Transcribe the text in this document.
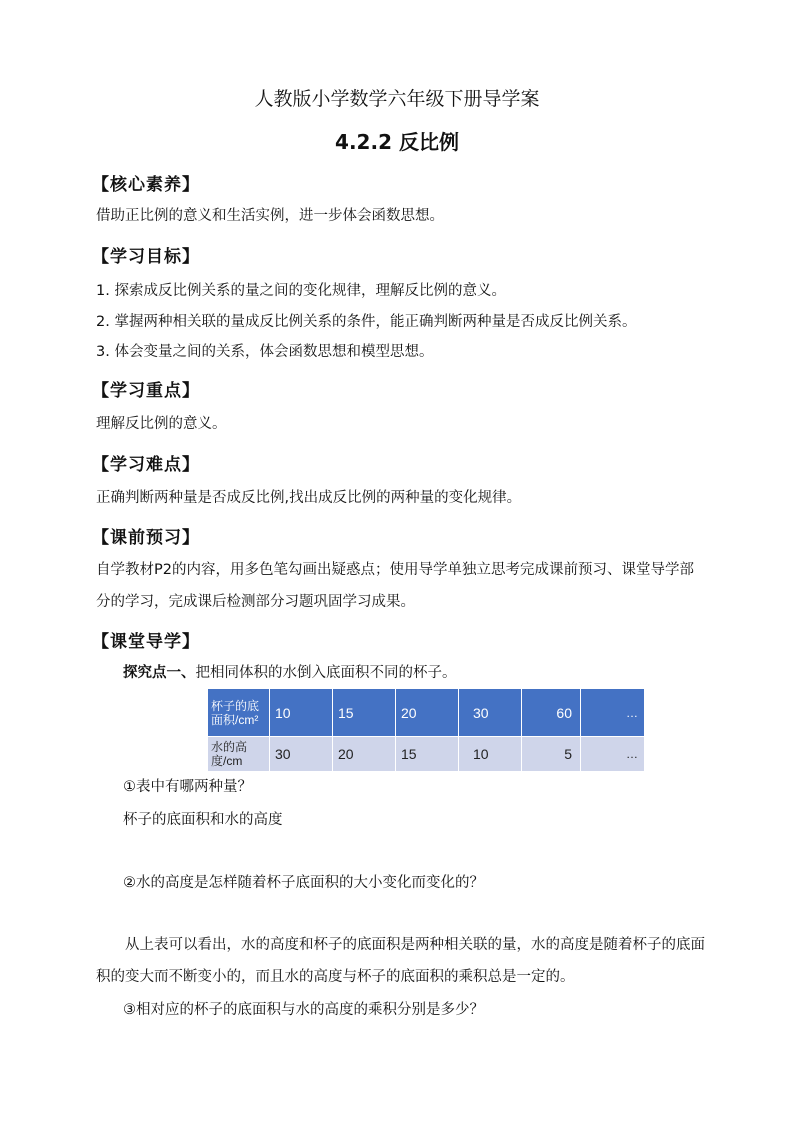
人教版小学数学六年级下册导学案
4.2.2 反比例
【核心素养】
借助正比例的意义和生活实例，进一步体会函数思想。
【学习目标】
1. 探索成反比例关系的量之间的变化规律，理解反比例的意义。
2. 掌握两种相关联的量成反比例关系的条件，能正确判断两种量是否成反比例关系。
3. 体会变量之间的关系，体会函数思想和模型思想。
【学习重点】
理解反比例的意义。
【学习难点】
正确判断两种量是否成反比例,找出成反比例的两种量的变化规律。
【课前预习】
自学教材P2的内容，用多色笔勾画出疑惑点；使用导学单独立思考完成课前预习、课堂导学部分的学习，完成课后检测部分习题巩固学习成果。
【课堂导学】
探究点一、把相同体积的水倒入底面积不同的杯子。
杯子的底面积/cm²	10	15	20	30	60	…
水的高度/cm	30	20	15	10	5	…
①表中有哪两种量？
杯子的底面积和水的高度
②水的高度是怎样随着杯子底面积的大小变化而变化的？
从上表可以看出，水的高度和杯子的底面积是两种相关联的量，水的高度是随着杯子的底面积的变大而不断变小的，而且水的高度与杯子的底面积的乘积总是一定的。
③相对应的杯子的底面积与水的高度的乘积分别是多少？
